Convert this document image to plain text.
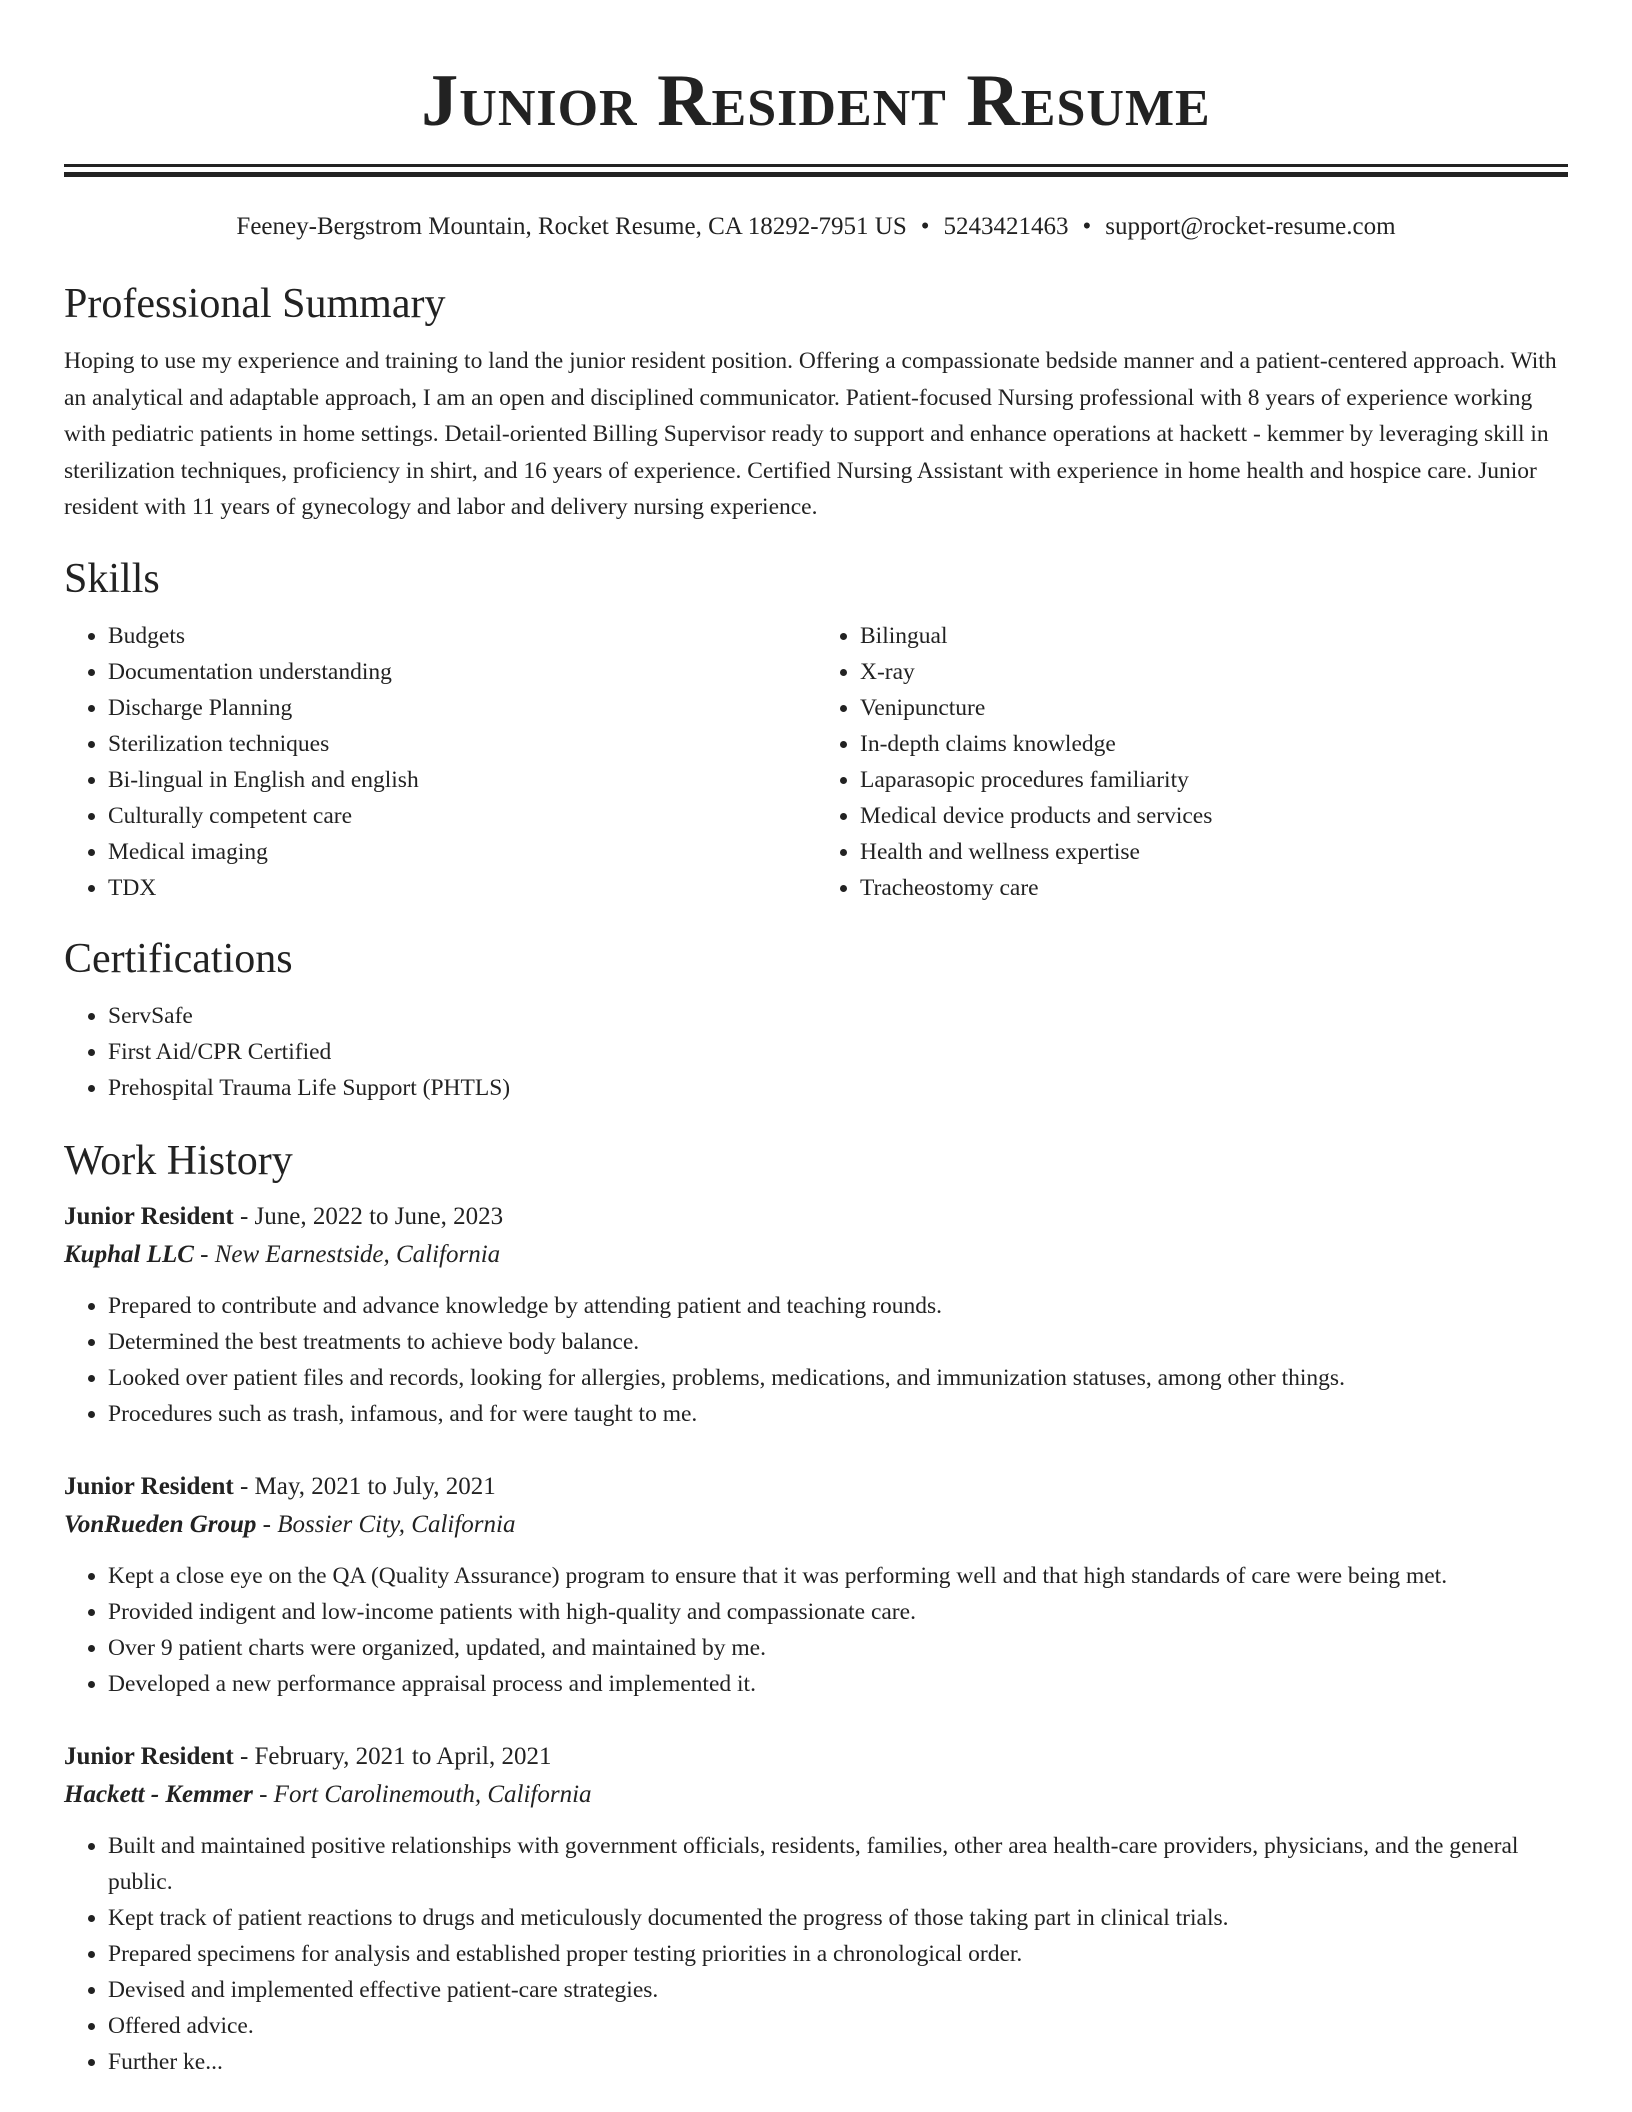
Junior Resident Resume
Feeney-Bergstrom Mountain, Rocket Resume, CA 18292-7951 US • 5243421463 • support@rocket-resume.com
Professional Summary

Hoping to use my experience and training to land the junior resident position. Offering a compassionate bedside manner and a patient-centered approach. With an analytical and adaptable approach, I am an open and disciplined communicator. Patient-focused Nursing professional with 8 years of experience working with pediatric patients in home settings. Detail-oriented Billing Supervisor ready to support and enhance operations at hackett - kemmer by leveraging skill in sterilization techniques, proficiency in shirt, and 16 years of experience. Certified Nursing Assistant with experience in home health and hospice care. Junior resident with 11 years of gynecology and labor and delivery nursing experience.

Skills
• Budgets
• Documentation understanding
• Discharge Planning
• Sterilization techniques
• Bi-lingual in English and english
• Culturally competent care
• Medical imaging
• TDX
• Bilingual
• X-ray
• Venipuncture
• In-depth claims knowledge
• Laparasopic procedures familiarity
• Medical device products and services
• Health and wellness expertise
• Tracheostomy care
Certifications
• ServSafe
• First Aid/CPR Certified
• Prehospital Trauma Life Support (PHTLS)
Work History
Junior Resident - June, 2022 to June, 2023
Kuphal LLC - New Earnestside, California
• Prepared to contribute and advance knowledge by attending patient and teaching rounds.
• Determined the best treatments to achieve body balance.
• Looked over patient files and records, looking for allergies, problems, medications, and immunization statuses, among other things.
• Procedures such as trash, infamous, and for were taught to me.
Junior Resident - May, 2021 to July, 2021
VonRueden Group - Bossier City, California
• Kept a close eye on the QA (Quality Assurance) program to ensure that it was performing well and that high standards of care were being met.
• Provided indigent and low-income patients with high-quality and compassionate care.
• Over 9 patient charts were organized, updated, and maintained by me.
• Developed a new performance appraisal process and implemented it.
Junior Resident - February, 2021 to April, 2021
Hackett - Kemmer - Fort Carolinemouth, California
• Built and maintained positive relationships with government officials, residents, families, other area health-care providers, physicians, and the general public.
• Kept track of patient reactions to drugs and meticulously documented the progress of those taking part in clinical trials.
• Prepared specimens for analysis and established proper testing priorities in a chronological order.
• Devised and implemented effective patient-care strategies.
• Offered advice.
• Further ke...
